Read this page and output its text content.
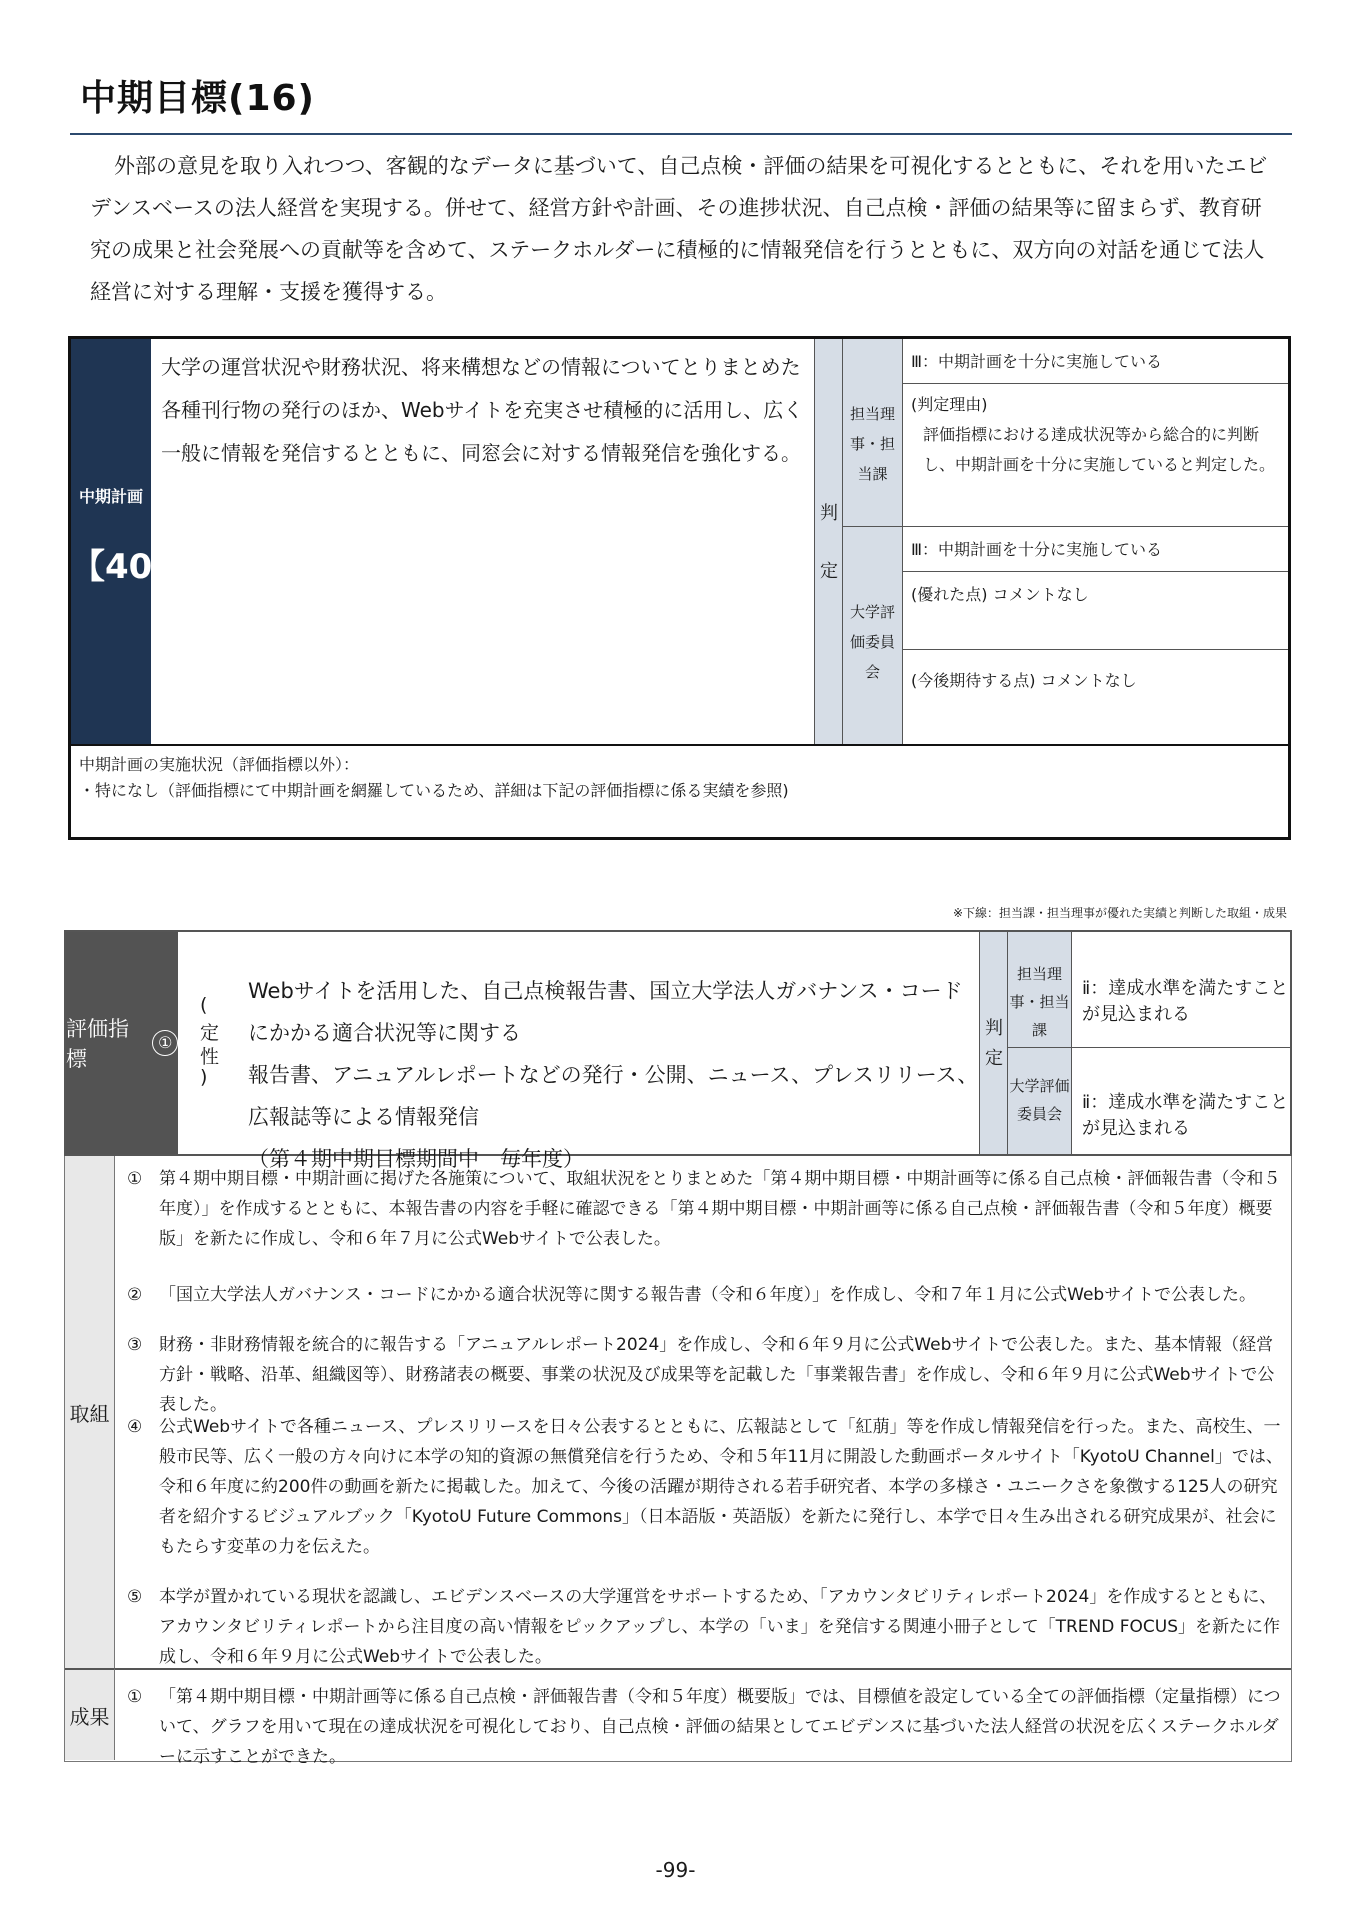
中期目標(16)
外部の意見を取り入れつつ、客観的なデータに基づいて、自己点検・評価の結果を可視化するとともに、それを用いたエビデンスベースの法人経営を実現する。併せて、経営方針や計画、その進捗状況、自己点検・評価の結果等に留まらず、教育研究の成果と社会発展への貢献等を含めて、ステークホルダーに積極的に情報発信を行うとともに、双方向の対話を通じて法人経営に対する理解・支援を獲得する。
中期計画
【40】
大学の運営状況や財務状況、将来構想などの情報についてとりまとめた各種刊行物の発行のほか、Webサイトを充実させ積極的に活用し、広く一般に情報を発信するとともに、同窓会に対する情報発信を強化する。
判
定
担当理事・担当課
大学評価委員会
Ⅲ：中期計画を十分に実施している
(判定理由)
評価指標における達成状況等から総合的に判断し、中期計画を十分に実施していると判定した。
Ⅲ：中期計画を十分に実施している
(優れた点) コメントなし
(今後期待する点) コメントなし
中期計画の実施状況（評価指標以外）：
・特になし（評価指標にて中期計画を網羅しているため、詳細は下記の評価指標に係る実績を参照)
※下線：担当課・担当理事が優れた実績と判断した取組・成果
評価指標
①
(
定
性
)
Webサイトを活用した、自己点検報告書、国立大学法人ガバナンス・コードにかかる適合状況等に関する
報告書、アニュアルレポートなどの発行・公開、ニュース、プレスリリース、広報誌等による情報発信
（第４期中期目標期間中　毎年度）
判
定
担当理事・担当課
大学評価委員会
ⅱ：達成水準を満たすことが見込まれる
ⅱ：達成水準を満たすことが見込まれる
取組
① 第４期中期目標・中期計画に掲げた各施策について、取組状況をとりまとめた「第４期中期目標・中期計画等に係る自己点検・評価報告書（令和５年度）」を作成するとともに、本報告書の内容を手軽に確認できる「第４期中期目標・中期計画等に係る自己点検・評価報告書（令和５年度）概要版」を新たに作成し、令和６年７月に公式Webサイトで公表した。
② 「国立大学法人ガバナンス・コードにかかる適合状況等に関する報告書（令和６年度）」を作成し、令和７年１月に公式Webサイトで公表した。
③ 財務・非財務情報を統合的に報告する「アニュアルレポート2024」を作成し、令和６年９月に公式Webサイトで公表した。また、基本情報（経営方針・戦略、沿革、組織図等）、財務諸表の概要、事業の状況及び成果等を記載した「事業報告書」を作成し、令和６年９月に公式Webサイトで公表した。
④ 公式Webサイトで各種ニュース、プレスリリースを日々公表するとともに、広報誌として「紅萠」等を作成し情報発信を行った。また、高校生、一般市民等、広く一般の方々向けに本学の知的資源の無償発信を行うため、令和５年11月に開設した動画ポータルサイト「KyotoU Channel」では、令和６年度に約200件の動画を新たに掲載した。加えて、今後の活躍が期待される若手研究者、本学の多様さ・ユニークさを象徴する125人の研究者を紹介するビジュアルブック「KyotoU Future Commons」（日本語版・英語版）を新たに発行し、本学で日々生み出される研究成果が、社会にもたらす変革の力を伝えた。
⑤ 本学が置かれている現状を認識し、エビデンスベースの大学運営をサポートするため、「アカウンタビリティレポート2024」を作成するとともに、アカウンタビリティレポートから注目度の高い情報をピックアップし、本学の「いま」を発信する関連小冊子として「TREND FOCUS」を新たに作成し、令和６年９月に公式Webサイトで公表した。
成果
① 「第４期中期目標・中期計画等に係る自己点検・評価報告書（令和５年度）概要版」では、目標値を設定している全ての評価指標（定量指標）について、グラフを用いて現在の達成状況を可視化しており、自己点検・評価の結果としてエビデンスに基づいた法人経営の状況を広くステークホルダーに示すことができた。
-99-
